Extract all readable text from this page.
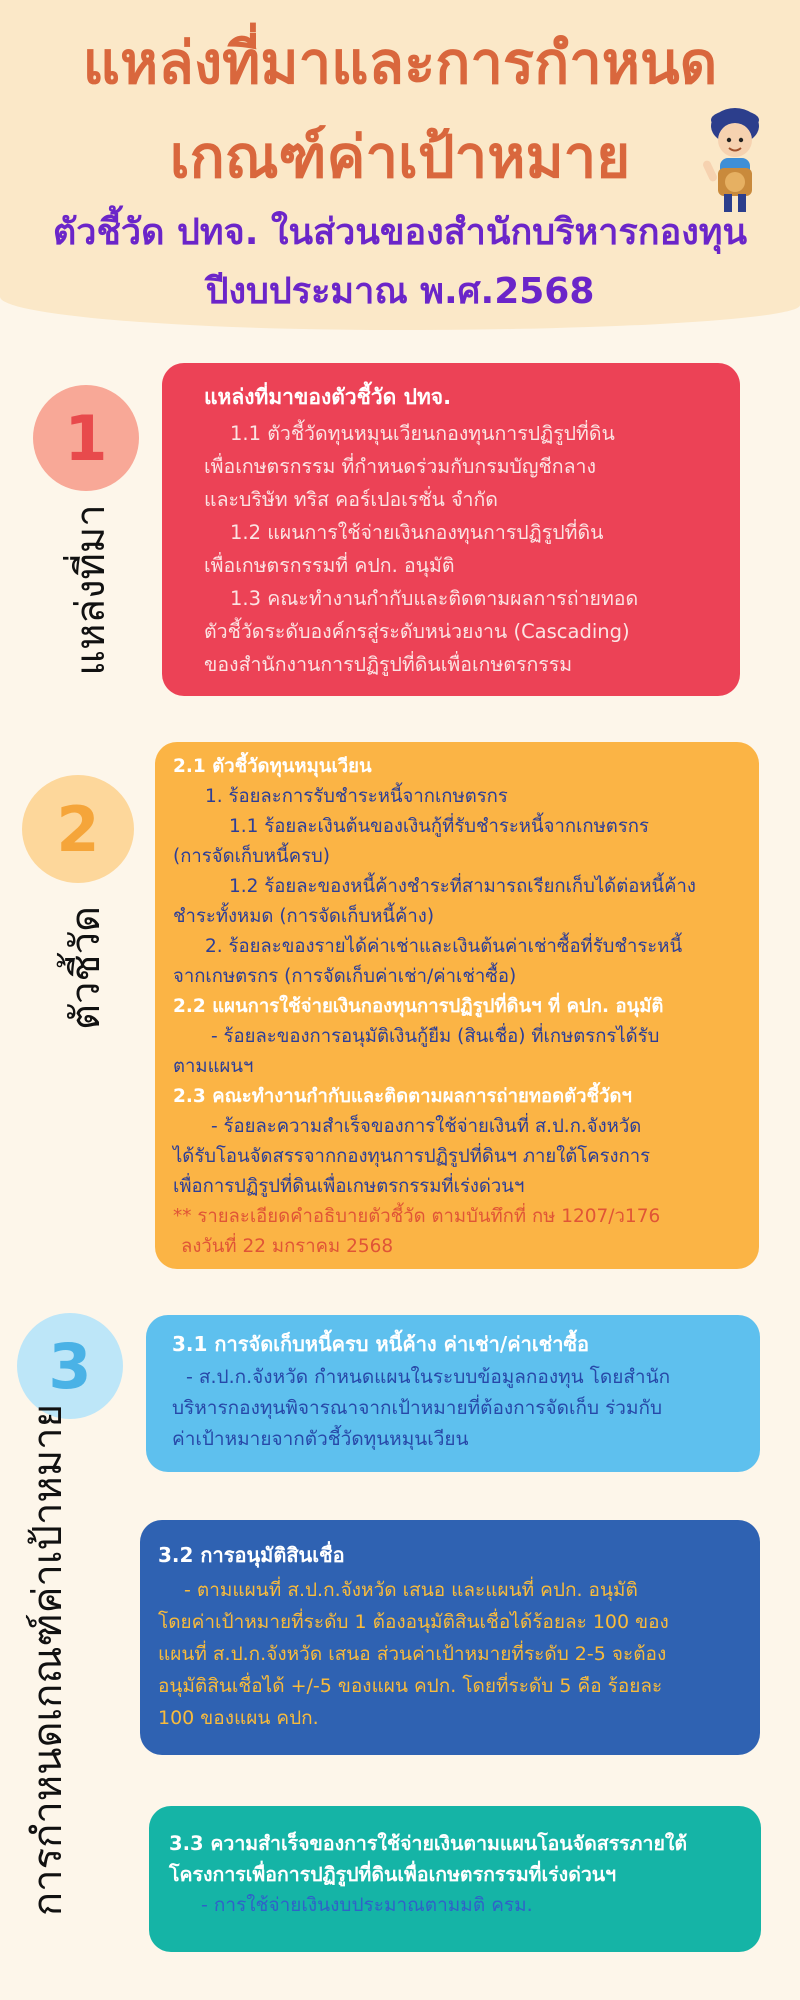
แหล่งที่มาและการกำหนด
เกณฑ์ค่าเป้าหมาย
ตัวชี้วัด ปทจ. ในส่วนของสำนักบริหารกองทุน
ปีงบประมาณ พ.ศ.2568
1
แหล่งที่มา

แหล่งที่มาของตัวชี้วัด ปทจ.

1.1 ตัวชี้วัดทุนหมุนเวียนกองทุนการปฏิรูปที่ดิน

เพื่อเกษตรกรรม ที่กำหนดร่วมกับกรมบัญชีกลาง

และบริษัท ทริส คอร์เปอเรชั่น จำกัด

1.2 แผนการใช้จ่ายเงินกองทุนการปฏิรูปที่ดิน

เพื่อเกษตรกรรมที่ คปก. อนุมัติ

1.3 คณะทำงานกำกับและติดตามผลการถ่ายทอด

ตัวชี้วัดระดับองค์กรสู่ระดับหน่วยงาน (Cascading)

ของสำนักงานการปฏิรูปที่ดินเพื่อเกษตรกรรม

2
ตัวชี้วัด

2.1 ตัวชี้วัดทุนหมุนเวียน

1. ร้อยละการรับชำระหนี้จากเกษตรกร

1.1 ร้อยละเงินต้นของเงินกู้ที่รับชำระหนี้จากเกษตรกร

(การจัดเก็บหนี้ครบ)

1.2 ร้อยละของหนี้ค้างชำระที่สามารถเรียกเก็บได้ต่อหนี้ค้าง

ชำระทั้งหมด (การจัดเก็บหนี้ค้าง)

2. ร้อยละของรายได้ค่าเช่าและเงินต้นค่าเช่าซื้อที่รับชำระหนี้

จากเกษตรกร (การจัดเก็บค่าเช่า/ค่าเช่าซื้อ)

2.2 แผนการใช้จ่ายเงินกองทุนการปฏิรูปที่ดินฯ ที่ คปก. อนุมัติ

- ร้อยละของการอนุมัติเงินกู้ยืม (สินเชื่อ) ที่เกษตรกรได้รับ

ตามแผนฯ

2.3 คณะทำงานกำกับและติดตามผลการถ่ายทอดตัวชี้วัดฯ

- ร้อยละความสำเร็จของการใช้จ่ายเงินที่ ส.ป.ก.จังหวัด

ได้รับโอนจัดสรรจากกองทุนการปฏิรูปที่ดินฯ ภายใต้โครงการ

เพื่อการปฏิรูปที่ดินเพื่อเกษตรกรรมที่เร่งด่วนฯ

** รายละเอียดคำอธิบายตัวชี้วัด ตามบันทึกที่ กษ 1207/ว176

ลงวันที่ 22 มกราคม 2568

3
การกำหนดเกณฑ์ค่าเป้าหมาย

3.1 การจัดเก็บหนี้ครบ หนี้ค้าง ค่าเช่า/ค่าเช่าซื้อ

- ส.ป.ก.จังหวัด กำหนดแผนในระบบข้อมูลกองทุน โดยสำนัก

บริหารกองทุนพิจารณาจากเป้าหมายที่ต้องการจัดเก็บ ร่วมกับ

ค่าเป้าหมายจากตัวชี้วัดทุนหมุนเวียน

3.2 การอนุมัติสินเชื่อ

- ตามแผนที่ ส.ป.ก.จังหวัด เสนอ และแผนที่ คปก. อนุมัติ

โดยค่าเป้าหมายที่ระดับ 1 ต้องอนุมัติสินเชื่อได้ร้อยละ 100 ของ

แผนที่ ส.ป.ก.จังหวัด เสนอ ส่วนค่าเป้าหมายที่ระดับ 2-5 จะต้อง

อนุมัติสินเชื่อได้ +/-5 ของแผน คปก. โดยที่ระดับ 5 คือ ร้อยละ

100 ของแผน คปก.

3.3 ความสำเร็จของการใช้จ่ายเงินตามแผนโอนจัดสรรภายใต้

โครงการเพื่อการปฏิรูปที่ดินเพื่อเกษตรกรรมที่เร่งด่วนฯ

- การใช้จ่ายเงินงบประมาณตามมติ ครม.
